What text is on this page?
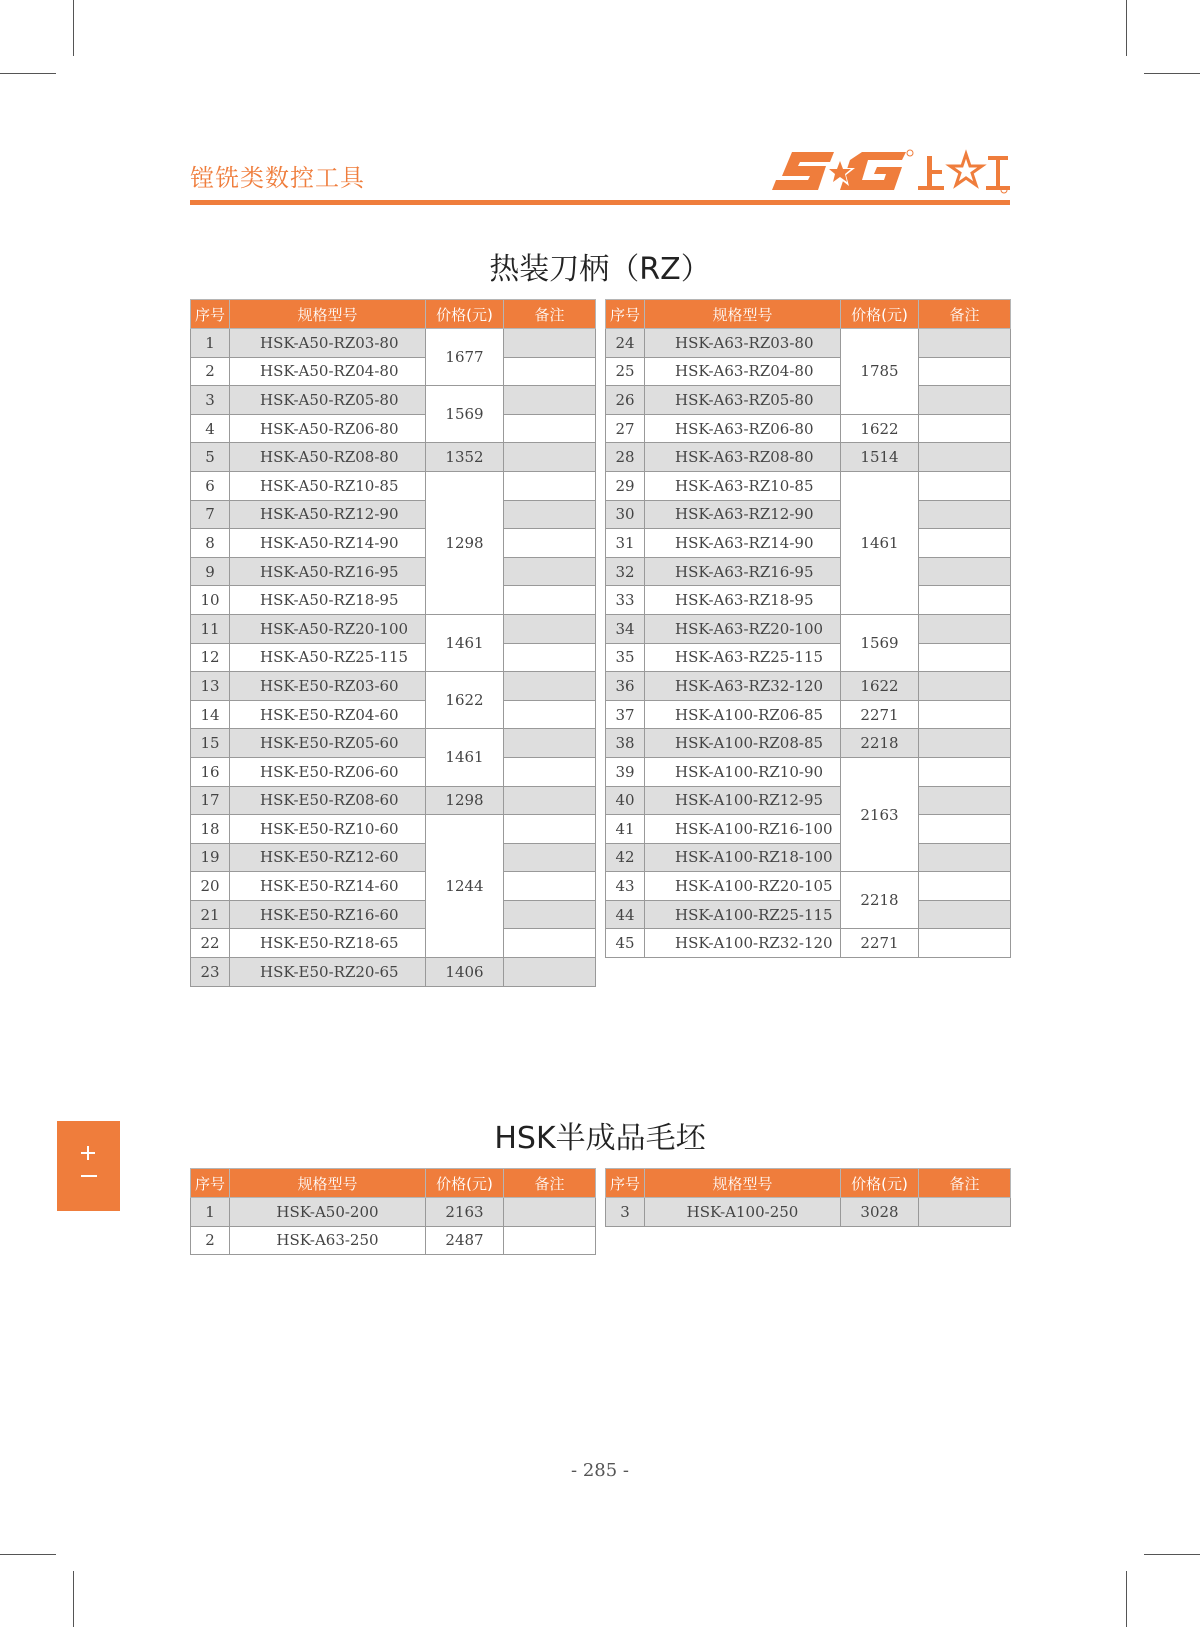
镗铣类数控工具
热装刀柄（RZ）
序号	规格型号	价格(元)	备注
1	HSK-A50-RZ03-80	1677	
2	HSK-A50-RZ04-80		
3	HSK-A50-RZ05-80	1569	
4	HSK-A50-RZ06-80		
5	HSK-A50-RZ08-80	1352	
6	HSK-A50-RZ10-85	1298	
7	HSK-A50-RZ12-90		
8	HSK-A50-RZ14-90		
9	HSK-A50-RZ16-95		
10	HSK-A50-RZ18-95		
11	HSK-A50-RZ20-100	1461	
12	HSK-A50-RZ25-115		
13	HSK-E50-RZ03-60	1622	
14	HSK-E50-RZ04-60		
15	HSK-E50-RZ05-60	1461	
16	HSK-E50-RZ06-60		
17	HSK-E50-RZ08-60	1298	
18	HSK-E50-RZ10-60	1244	
19	HSK-E50-RZ12-60		
20	HSK-E50-RZ14-60		
21	HSK-E50-RZ16-60		
22	HSK-E50-RZ18-65		
23	HSK-E50-RZ20-65	1406	
序号	规格型号	价格(元)	备注
24	HSK-A63-RZ03-80	1785	
25	HSK-A63-RZ04-80		
26	HSK-A63-RZ05-80		
27	HSK-A63-RZ06-80	1622	
28	HSK-A63-RZ08-80	1514	
29	HSK-A63-RZ10-85	1461	
30	HSK-A63-RZ12-90		
31	HSK-A63-RZ14-90		
32	HSK-A63-RZ16-95		
33	HSK-A63-RZ18-95		
34	HSK-A63-RZ20-100	1569	
35	HSK-A63-RZ25-115		
36	HSK-A63-RZ32-120	1622	
37	HSK-A100-RZ06-85	2271	
38	HSK-A100-RZ08-85	2218	
39	HSK-A100-RZ10-90	2163	
40	HSK-A100-RZ12-95		
41	HSK-A100-RZ16-100		
42	HSK-A100-RZ18-100		
43	HSK-A100-RZ20-105	2218	
44	HSK-A100-RZ25-115		
45	HSK-A100-RZ32-120	2271	
HSK半成品毛坯
序号	规格型号	价格(元)	备注
1	HSK-A50-200	2163	
2	HSK-A63-250	2487	
序号	规格型号	价格(元)	备注
3	HSK-A100-250	3028	
- 285 -
